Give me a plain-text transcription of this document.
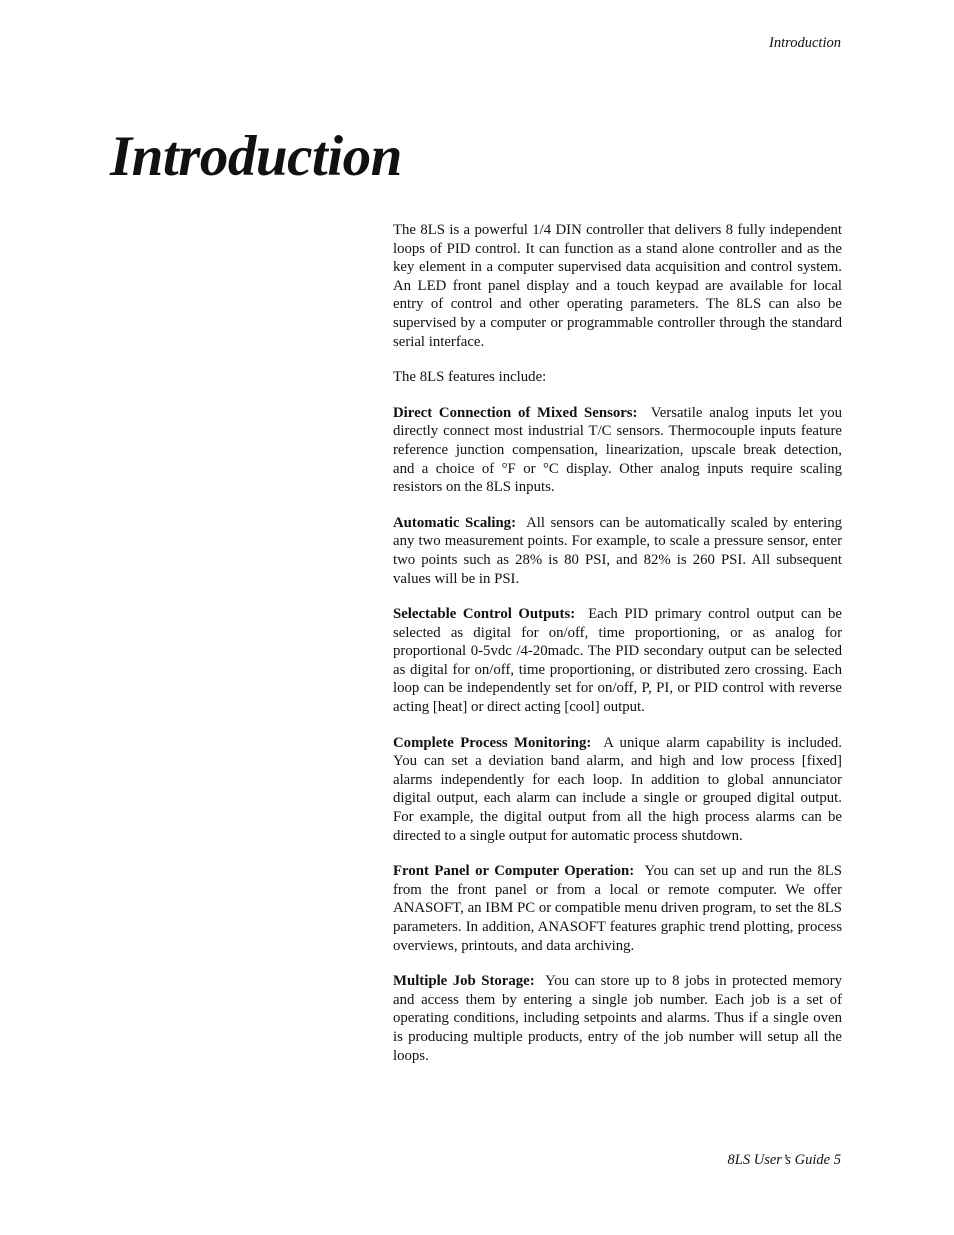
Introduction
Introduction

The 8LS is a powerful 1/4 DIN controller that delivers 8 fully independent loops of PID control. It can function as a stand alone controller and as the key element in a computer supervised data acquisition and control system. An LED front panel display and a touch keypad are available for local entry of control and other operating parameters. The 8LS can also be supervised by a computer or programmable controller through the standard serial interface.

The 8LS features include:

Direct Connection of Mixed Sensors: Versatile analog inputs let you directly connect most industrial T/C sensors. Thermocouple inputs feature reference junction compensation, linearization, upscale break detection, and a choice of °F or °C display. Other analog inputs require scaling resistors on the 8LS inputs.

Automatic Scaling: All sensors can be automatically scaled by entering any two measurement points. For example, to scale a pressure sensor, enter two points such as 28% is 80 PSI, and 82% is 260 PSI. All subsequent values will be in PSI.

Selectable Control Outputs: Each PID primary control output can be selected as digital for on/off, time proportioning, or as analog for proportional 0-5vdc /4-20madc. The PID secondary output can be selected as digital for on/off, time proportioning, or distributed zero crossing. Each loop can be independently set for on/off, P, PI, or PID control with reverse acting [heat] or direct acting [cool] output.

Complete Process Monitoring: A unique alarm capability is included. You can set a deviation band alarm, and high and low process [fixed] alarms independently for each loop. In addition to global annunciator digital output, each alarm can include a single or grouped digital output. For example, the digital output from all the high process alarms can be directed to a single output for automatic process shutdown.

Front Panel or Computer Operation: You can set up and run the 8LS from the front panel or from a local or remote computer. We offer ANASOFT, an IBM PC or compatible menu driven program, to set the 8LS parameters. In addition, ANASOFT features graphic trend plotting, process overviews, printouts, and data archiving.

Multiple Job Storage: You can store up to 8 jobs in protected memory and access them by entering a single job number. Each job is a set of operating conditions, including setpoints and alarms. Thus if a single oven is producing multiple products, entry of the job number will setup all the loops.

8LS User’s Guide 5
